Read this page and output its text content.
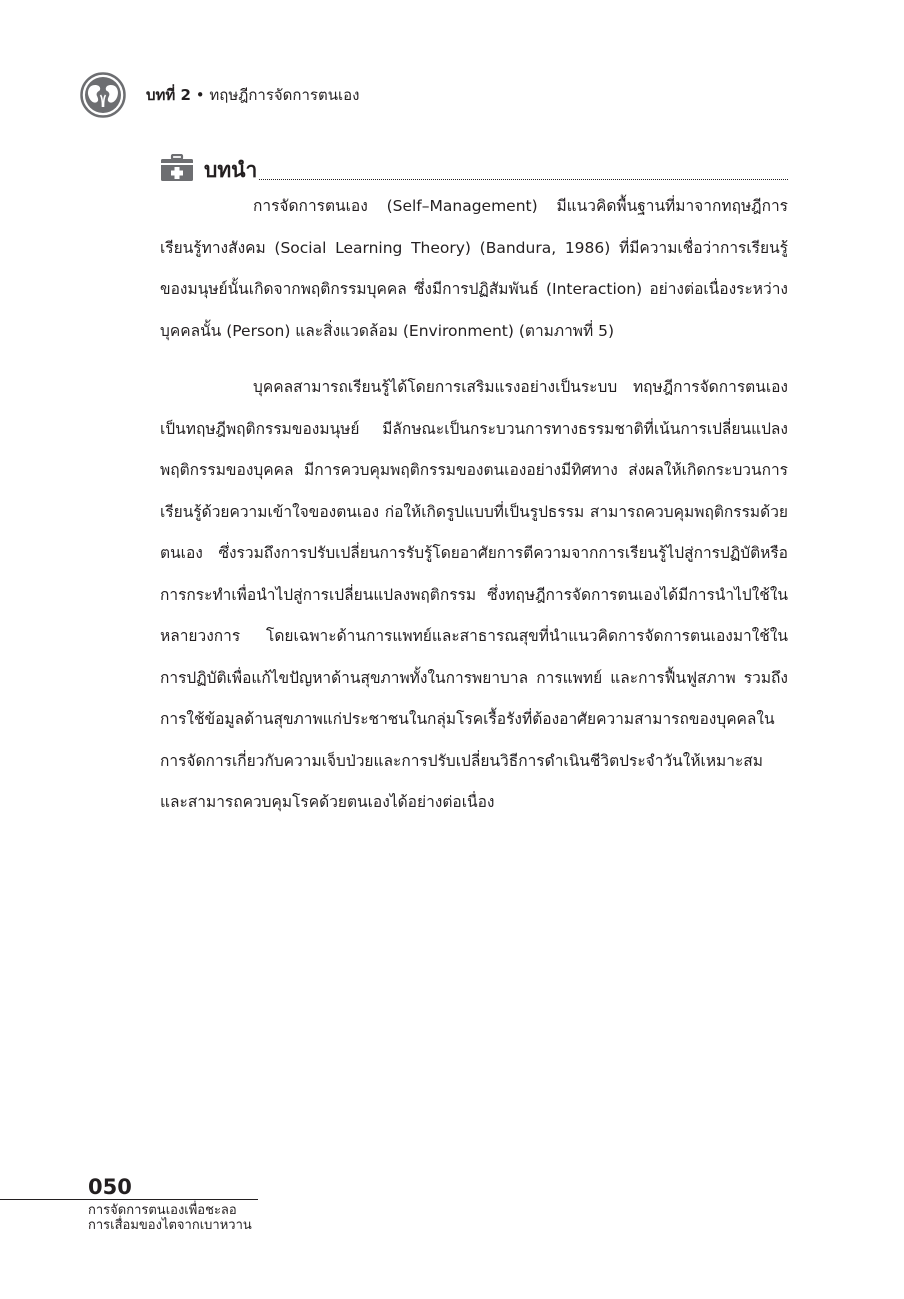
บทที่ 2 • ทฤษฎีการจัดการตนเอง
บทนำ

การจัดการตนเอง (Self–Management) มีแนวคิดพื้นฐานที่มาจากทฤษฎีการเรียนรู้ทางสังคม (Social Learning Theory) (Bandura, 1986) ที่มีความเชื่อว่าการเรียนรู้ของมนุษย์นั้นเกิดจากพฤติกรรมบุคคล ซึ่งมีการปฏิสัมพันธ์ (Interaction) อย่างต่อเนื่องระหว่างบุคคลนั้น (Person) และสิ่งแวดล้อม (Environment) (ตามภาพที่ 5)

บุคคลสามารถเรียนรู้ได้โดยการเสริมแรงอย่างเป็นระบบ ทฤษฎีการจัดการตนเองเป็นทฤษฎีพฤติกรรมของมนุษย์ มีลักษณะเป็นกระบวนการทางธรรมชาติที่เน้นการเปลี่ยนแปลงพฤติกรรมของบุคคล มีการควบคุมพฤติกรรมของตนเองอย่างมีทิศทาง ส่งผลให้เกิดกระบวนการเรียนรู้ด้วยความเข้าใจของตนเอง ก่อให้เกิดรูปแบบที่เป็นรูปธรรม สามารถควบคุมพฤติกรรมด้วยตนเอง ซึ่งรวมถึงการปรับเปลี่ยนการรับรู้โดยอาศัยการตีความจากการเรียนรู้ไปสู่การปฏิบัติหรือการกระทำเพื่อนำไปสู่การเปลี่ยนแปลงพฤติกรรม ซึ่งทฤษฎีการจัดการตนเองได้มีการนำไปใช้ในหลายวงการ โดยเฉพาะด้านการแพทย์และสาธารณสุขที่นำแนวคิดการจัดการตนเองมาใช้ในการปฏิบัติเพื่อแก้ไขปัญหาด้านสุขภาพทั้งในการพยาบาล การแพทย์ และการฟื้นฟูสภาพ รวมถึงการใช้ข้อมูลด้านสุขภาพแก่ประชาชนในกลุ่มโรคเรื้อรังที่ต้องอาศัยความสามารถของบุคคลในการจัดการเกี่ยวกับความเจ็บป่วยและการปรับเปลี่ยนวิธีการดำเนินชีวิตประจำวันให้เหมาะสม และสามารถควบคุมโรคด้วยตนเองได้อย่างต่อเนื่อง

050
การจัดการตนเองเพื่อชะลอ
การเสื่อมของไตจากเบาหวาน
